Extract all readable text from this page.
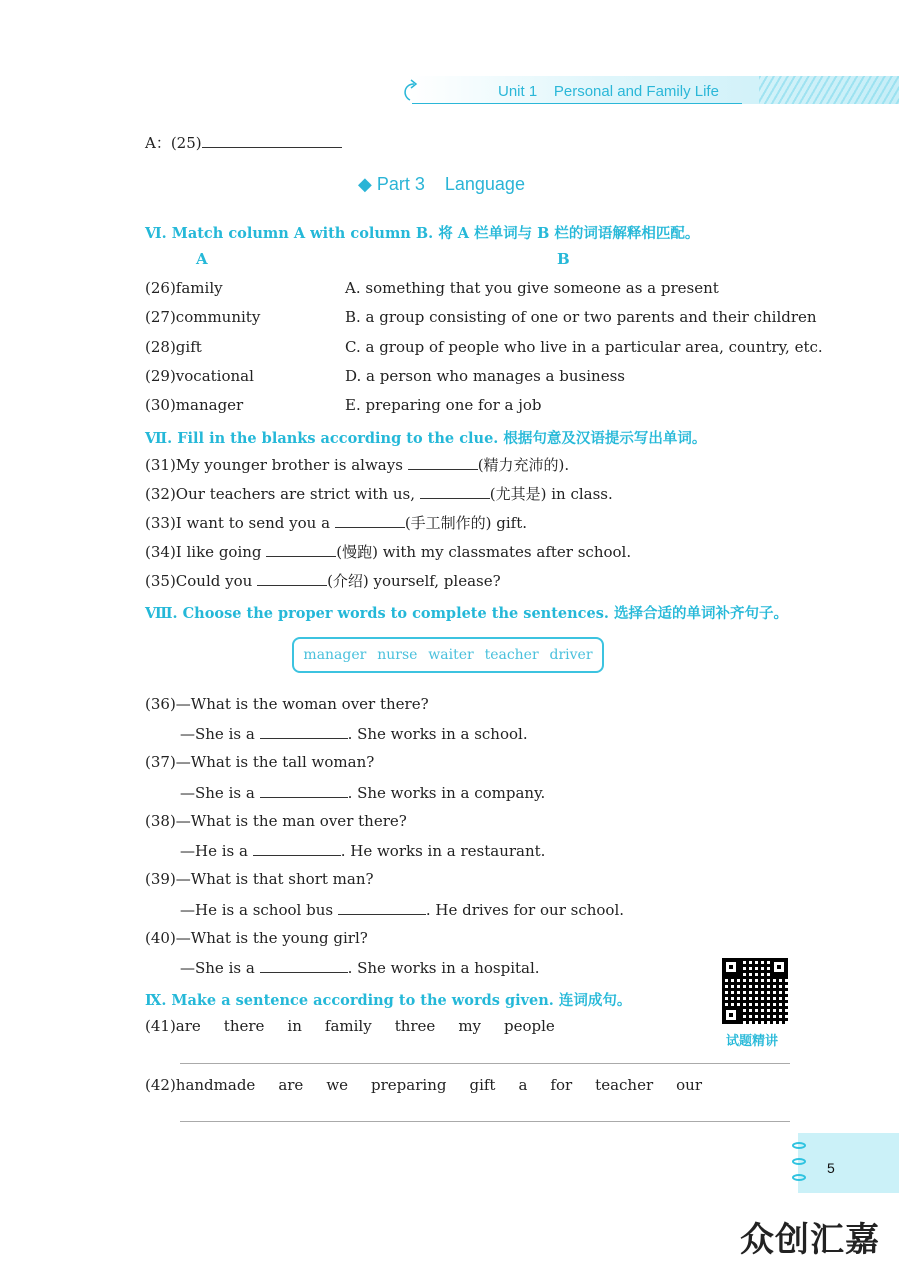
Unit 1    Personal and Family Life
A：(25)
◆ Part 3    Language
Ⅵ. Match column A with column B. 将 A 栏单词与 B 栏的词语解释相匹配。
A	B
(26)family	A. something that you give someone as a present
(27)community	B. a group consisting of one or two parents and their children
(28)gift	C. a group of people who live in a particular area, country, etc.
(29)vocational	D. a person who manages a business
(30)manager	E. preparing one for a job
Ⅶ. Fill in the blanks according to the clue. 根据句意及汉语提示写出单词。
(31)My younger brother is always	(精力充沛的).
(32)Our teachers are strict with us,	(尤其是) in class.
(33)I want to send you a	(手工制作的) gift.
(34)I like going	(慢跑) with my classmates after school.
(35)Could you	(介绍) yourself, please?
Ⅷ. Choose the proper words to complete the sentences. 选择合适的单词补齐句子。
manager nurse waiter teacher driver
(36)—What is the woman over there?
—She is a	. She works in a school.
(37)—What is the tall woman?
—She is a	. She works in a company.
(38)—What is the man over there?
—He is a	. He works in a restaurant.
(39)—What is that short man?
—He is a school bus	. He drives for our school.
(40)—What is the young girl?
—She is a	. She works in a hospital.
Ⅸ. Make a sentence according to the words given. 连词成句。
(41)are there in family three my people
(42)handmade are we preparing gift a for teacher our
试题精讲
5
众创汇嘉
